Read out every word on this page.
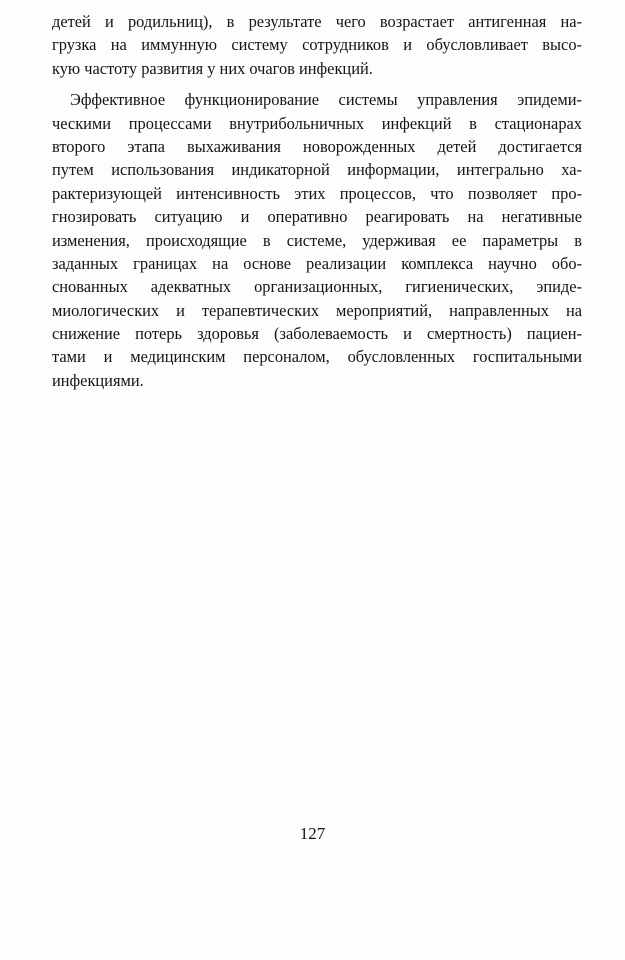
детей и родильниц), в результате чего возрастает антигенная на-
грузка на иммунную систему сотрудников и обусловливает высо-
кую частоту развития у них очагов инфекций.
Эффективное функционирование системы управления эпидеми-
ческими процессами внутрибольничных инфекций в стационарах
второго этапа выхаживания новорожденных детей достигается
путем использования индикаторной информации, интегрально ха-
рактеризующей интенсивность этих процессов, что позволяет про-
гнозировать ситуацию и оперативно реагировать на негативные
изменения, происходящие в системе, удерживая ее параметры в
заданных границах на основе реализации комплекса научно обо-
снованных адекватных организационных, гигиенических, эпиде-
миологических и терапевтических мероприятий, направленных на
снижение потерь здоровья (заболеваемость и смертность) пациен-
тами и медицинским персоналом, обусловленных госпитальными
инфекциями.
127
